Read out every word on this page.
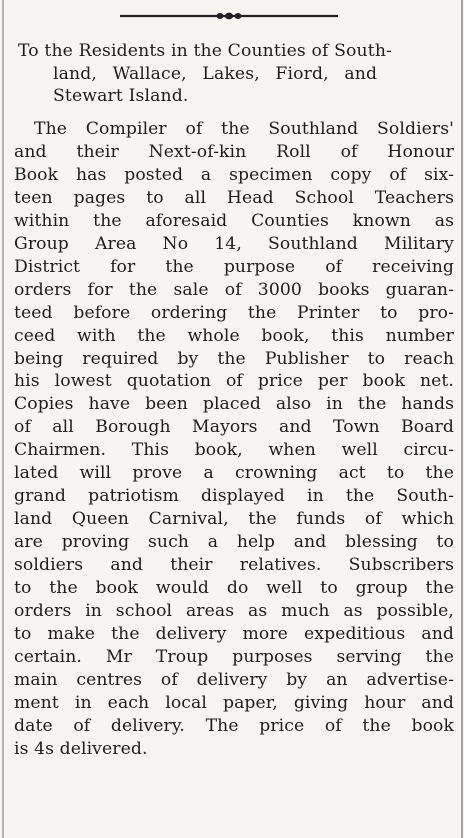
To the Residents in the Counties of South-
land, Wallace, Lakes, Fiord, and
Stewart Island.
The Compiler of the Southland Soldiers'
and their Next-of-kin Roll of Honour
Book has posted a specimen copy of six-
teen pages to all Head School Teachers
within the aforesaid Counties known as
Group Area No 14, Southland Military
District for the purpose of receiving
orders for the sale of 3000 books guaran-
teed before ordering the Printer to pro-
ceed with the whole book, this number
being required by the Publisher to reach
his lowest quotation of price per book net.
Copies have been placed also in the hands
of all Borough Mayors and Town Board
Chairmen. This book, when well circu-
lated will prove a crowning act to the
grand patriotism displayed in the South-
land Queen Carnival, the funds of which
are proving such a help and blessing to
soldiers and their relatives. Subscribers
to the book would do well to group the
orders in school areas as much as possible,
to make the delivery more expeditious and
certain. Mr Troup purposes serving the
main centres of delivery by an advertise-
ment in each local paper, giving hour and
date of delivery. The price of the book
is 4s delivered.
